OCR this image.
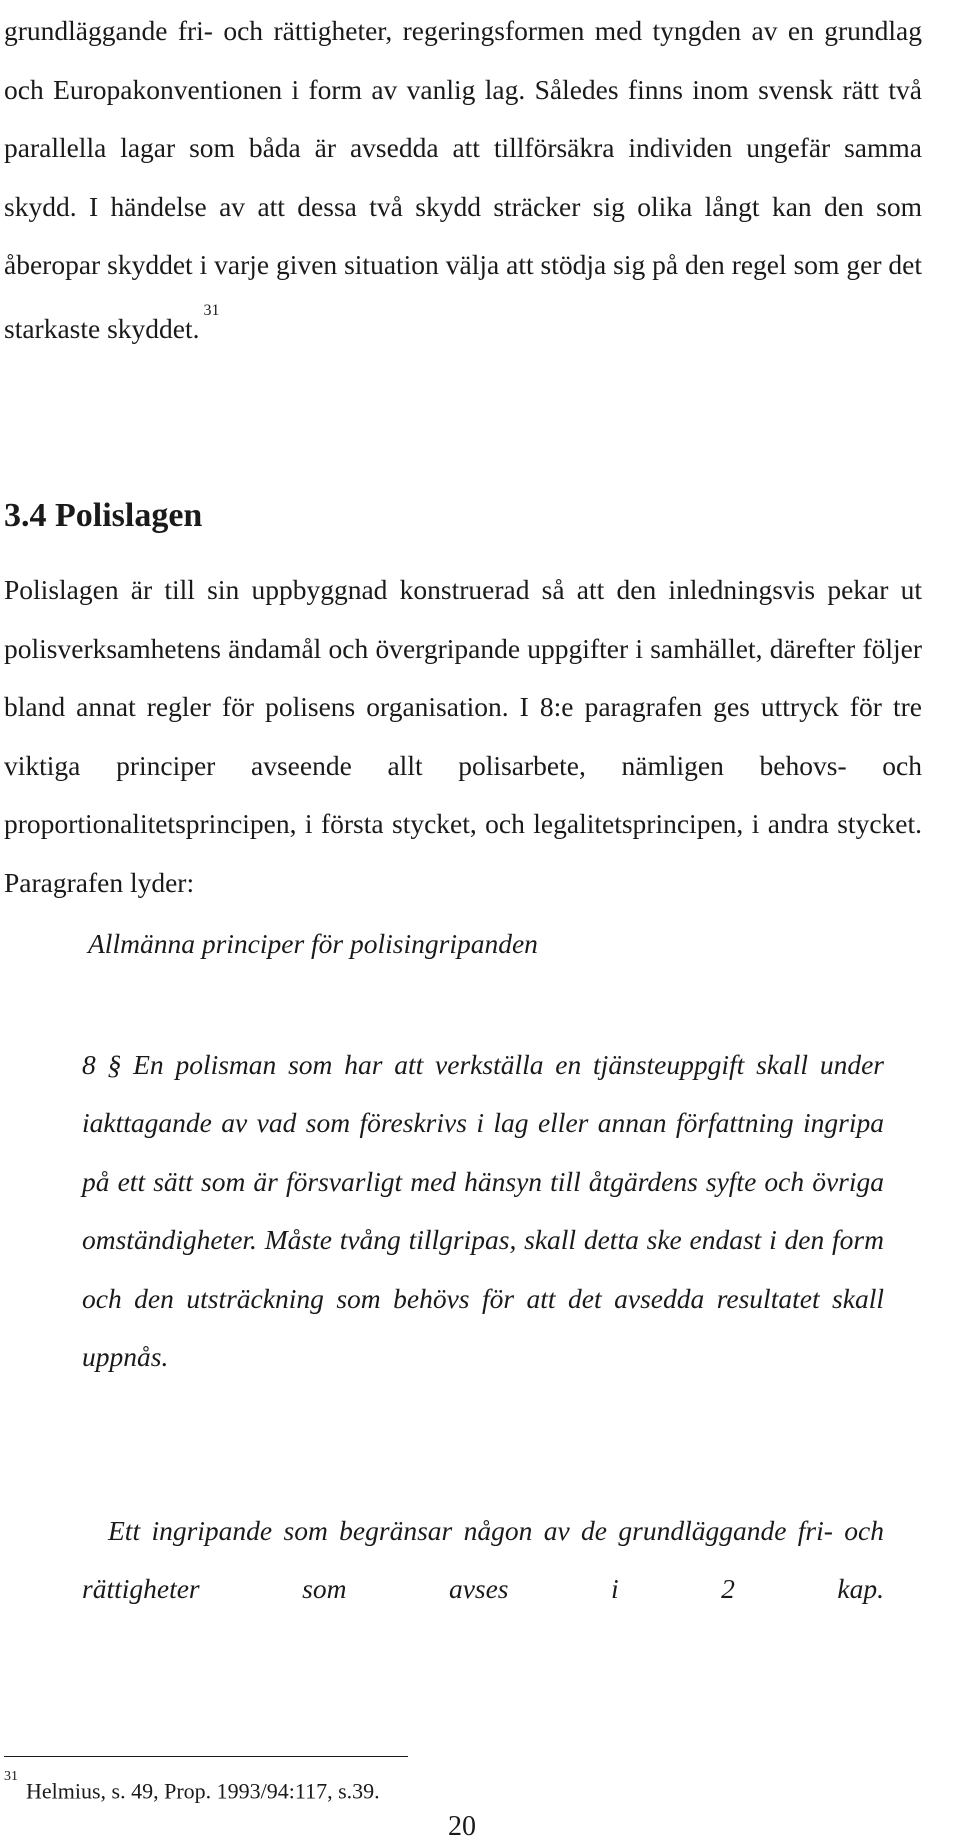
grundläggande fri- och rättigheter, regeringsformen med tyngden av en grundlag och Europakonventionen i form av vanlig lag. Således finns inom svensk rätt två parallella lagar som båda är avsedda att tillförsäkra individen ungefär samma skydd. I händelse av att dessa två skydd sträcker sig olika långt kan den som åberopar skyddet i varje given situation välja att stödja sig på den regel som ger det starkaste skyddet.$^{31}$

3.4 Polislagen

Polislagen är till sin uppbyggnad konstruerad så att den inledningsvis pekar ut polisverksamhetens ändamål och övergripande uppgifter i samhället, därefter följer bland annat regler för polisens organisation. I 8:e paragrafen ges uttryck för tre viktiga principer avseende allt polisarbete, nämligen behovs- och proportionalitetsprincipen, i första stycket, och legalitetsprincipen, i andra stycket. Paragrafen lyder:

Allmänna principer för polisingripanden

8 § En polisman som har att verkställa en tjänsteuppgift skall under iakttagande av vad som föreskrivs i lag eller annan författning ingripa på ett sätt som är försvarligt med hänsyn till åtgärdens syfte och övriga omständigheter. Måste tvång tillgripas, skall detta ske endast i den form och den utsträckning som behövs för att det avsedda resultatet skall uppnås.

Ett ingripande som begränsar någon av de grundläggande fri- och rättigheter som avses i 2 kap.

$^{31}$Helmius, s. 49, Prop. 1993/94:117, s.39.

20
